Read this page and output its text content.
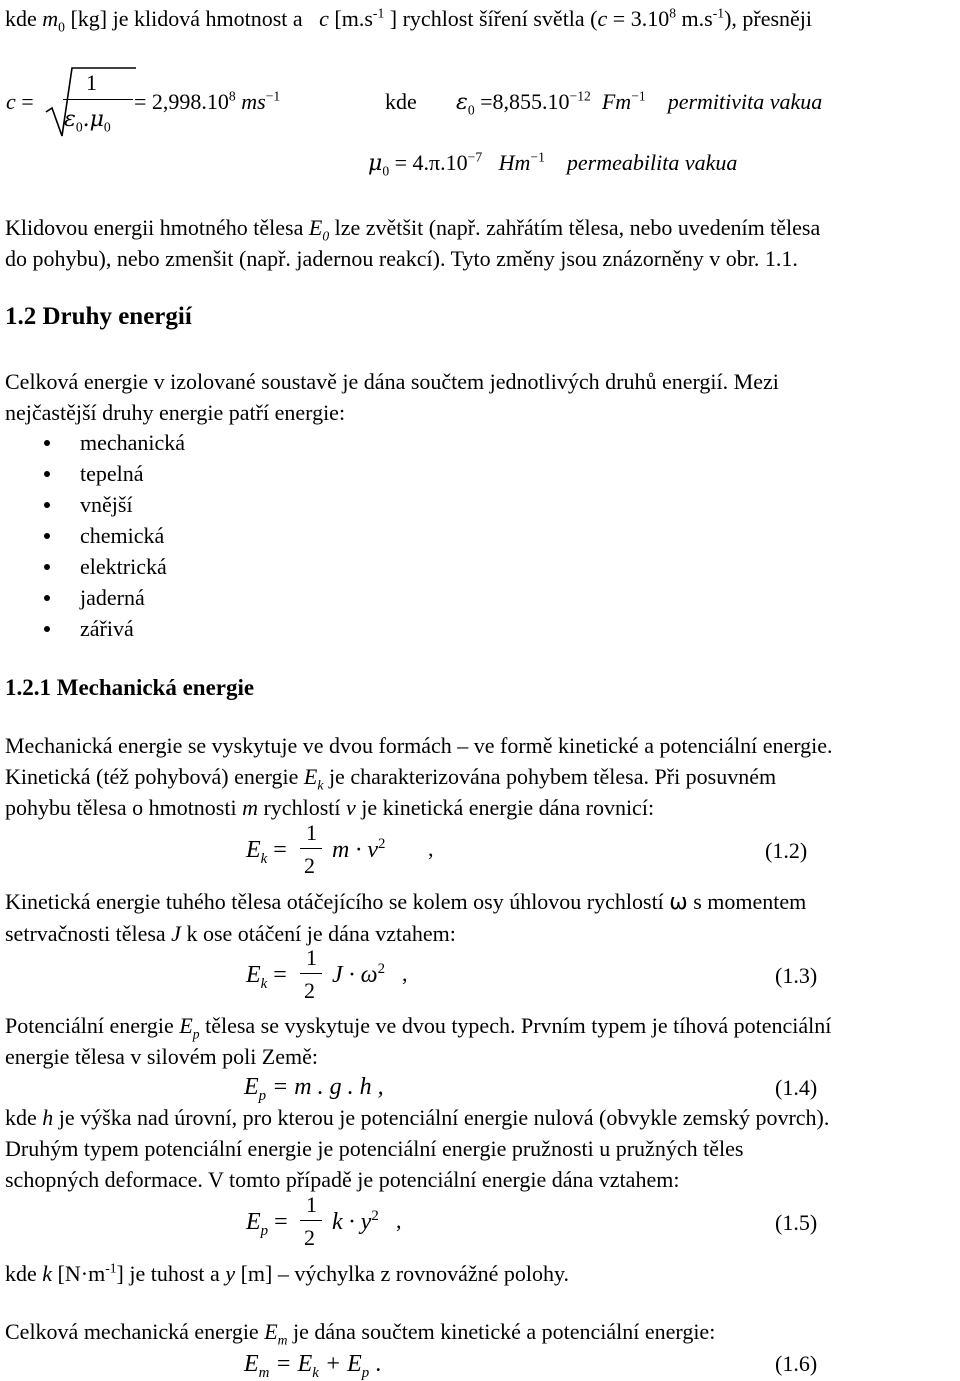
kde $m_0$ [kg] je klidová hmotnost a c [$m.s^{-1}$ ] rychlost šíření světla ($c = 3.10^8$ $m.s^{-1}$), přesněji
c =
1
$\varepsilon_0.\mu_0$
= $2,998.10^8$ $ms^{-1}$	kde $\varepsilon_0 =8,855.10^{-12}$ $Fm^{-1}$ permitivita vakua
$\mu_0 = 4.\pi.10^{-7}$ $Hm^{-1}$ permeabilita vakua
Klidovou energii hmotného tělesa $E_0$ lze zvětšit (např. zahřátím tělesa, nebo uvedením tělesa
do pohybu), nebo zmenšit (např. jadernou reakcí). Tyto změny jsou znázorněny v obr. 1.1.
1.2 Druhy energií
Celková energie v izolované soustavě je dána součtem jednotlivých druhů energií. Mezi
nejčastější druhy energie patří energie:
mechanická
tepelná
vnější
chemická
elektrická
jaderná
zářivá
1.2.1 Mechanická energie
Mechanická energie se vyskytuje ve dvou formách – ve formě kinetické a potenciální energie.
Kinetická (též pohybová) energie $E_k$ je charakterizována pohybem tělesa. Při posuvném
pohybu tělesa o hmotnosti m rychlostí v je kinetická energie dána rovnicí:
$E_k$ =
1
2
$m \cdot v^2$ ,	(1.2)
Kinetická energie tuhého tělesa otáčejícího se kolem osy úhlovou rychlostí ω s momentem
setrvačnosti tělesa J k ose otáčení je dána vztahem:
$E_k$ =
1
2
$J \cdot \omega^2$ ,	(1.3)
Potenciální energie $E_p$ tělesa se vyskytuje ve dvou typech. Prvním typem je tíhová potenciální
energie tělesa v silovém poli Země:
$E_p = m$ . g . h ,	(1.4)
kde h je výška nad úrovní, pro kterou je potenciální energie nulová (obvykle zemský povrch).
Druhým typem potenciální energie je potenciální energie pružnosti u pružných těles
schopných deformace. V tomto případě je potenciální energie dána vztahem:
$E_p$ =
1
2
$k \cdot y^2$ ,	(1.5)
kde k $[N\cdot m^{-1}]$ je tuhost a y [m] – výchylka z rovnovážné polohy.
Celková mechanická energie $E_m$ je dána součtem kinetické a potenciální energie:
$E_m = E_k + E_p$ .	(1.6)
